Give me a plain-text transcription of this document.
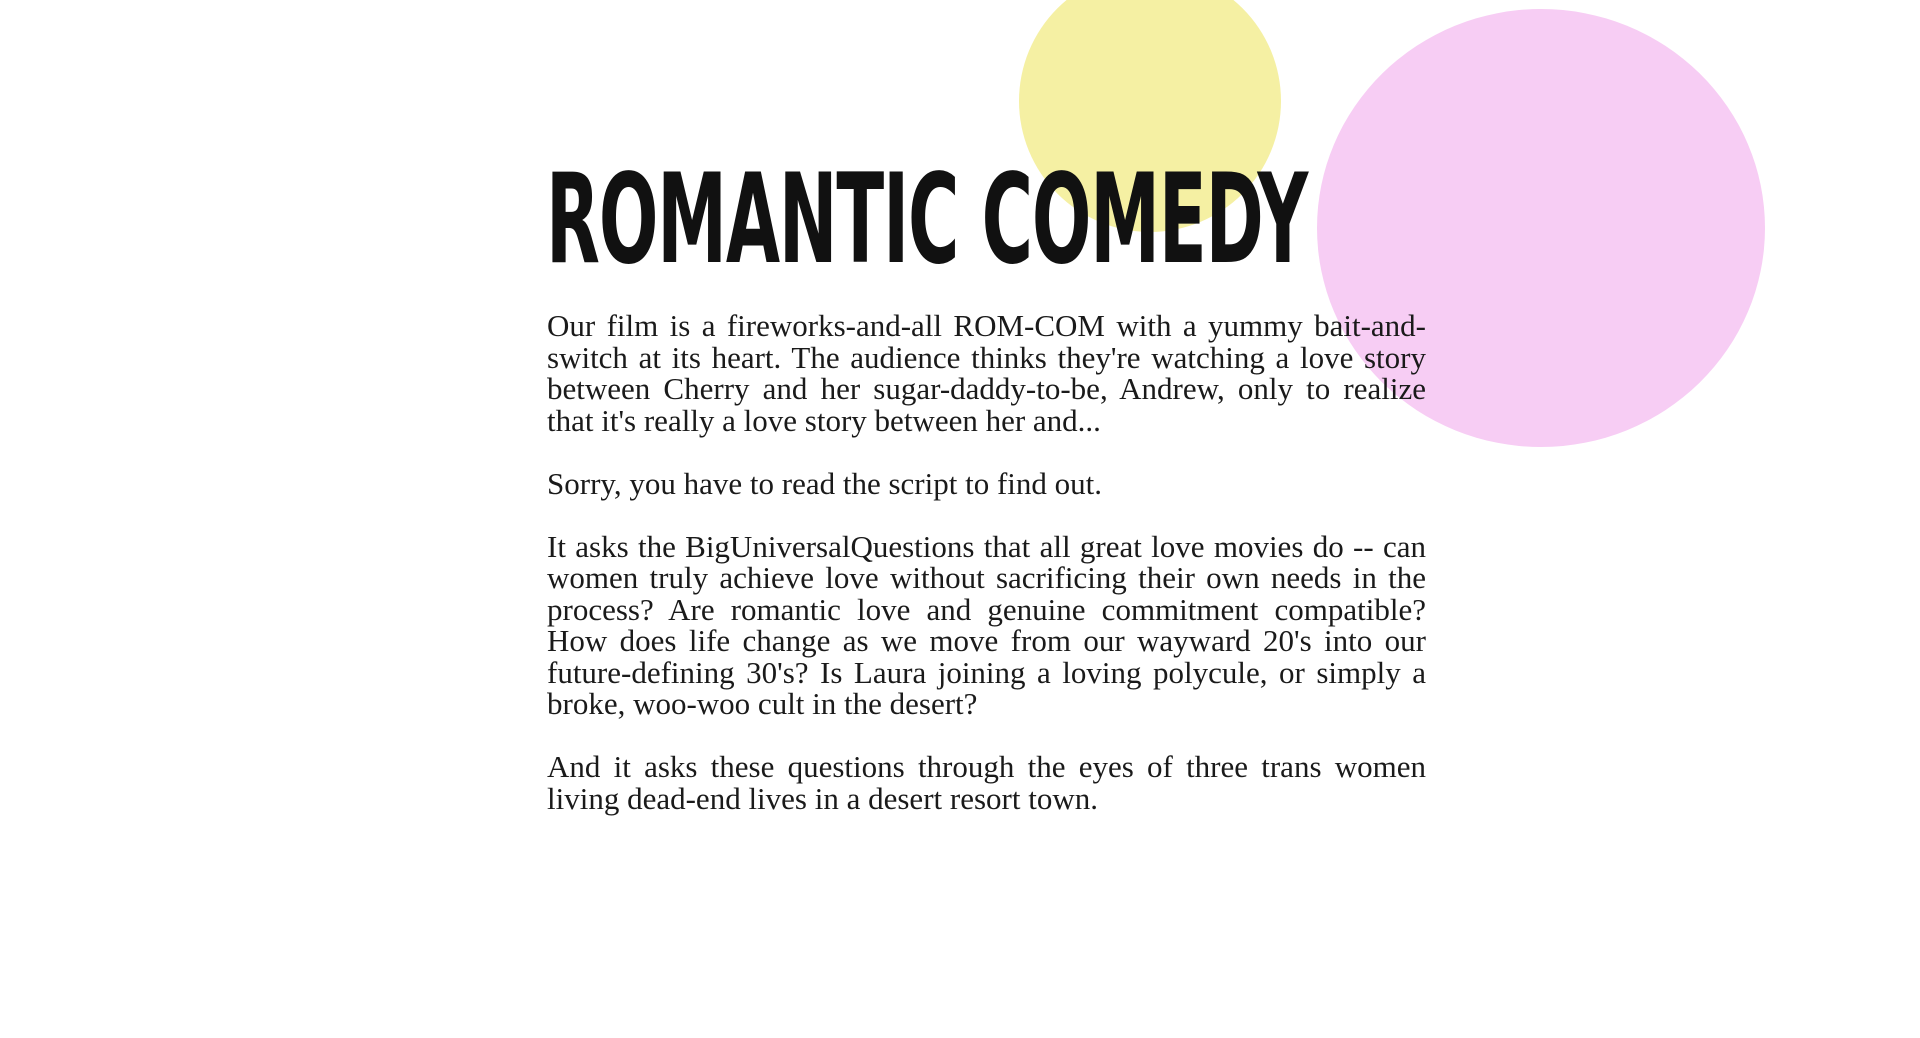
ROMANTIC COMEDY

Our film is a fireworks-and-all ROM-COM with a yummy bait-and-switch at its heart. The audience thinks they're watching a love story between Cherry and her sugar-daddy-to-be, Andrew, only to realize that it's really a love story between her and...

Sorry, you have to read the script to find out.

It asks the BigUniversalQuestions that all great love movies do -- can women truly achieve love without sacrificing their own needs in the process? Are romantic love and genuine commitment compatible? How does life change as we move from our wayward 20's into our future-defining 30's? Is Laura joining a loving polycule, or simply a broke, woo-woo cult in the desert?

And it asks these questions through the eyes of three trans women living dead-end lives in a desert resort town.
